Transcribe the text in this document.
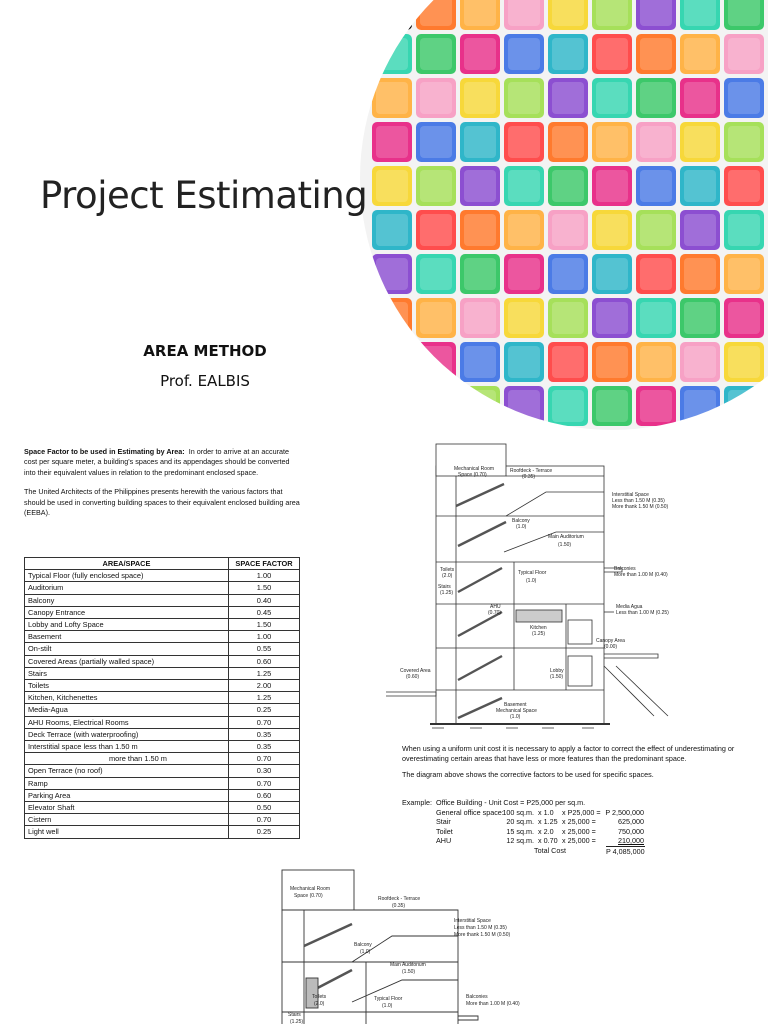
Project Estimating
AREA METHOD
Prof. EALBIS

Space Factor to be used in Estimating by Area: In order to arrive at an accurate cost per square meter, a building's spaces and its appendages should be converted into their equivalent values in relation to the predominant enclosed space.

The United Architects of the Philippines presents herewith the various factors that should be used in converting building spaces to their equivalent enclosed building area (EEBA).

AREA/SPACE	SPACE FACTOR
Typical Floor (fully enclosed space)	1.00
Auditorium	1.50
Balcony	0.40
Canopy Entrance	0.45
Lobby and Lofty Space	1.50
Basement	1.00
On-stilt	0.55
Covered Areas (partially walled space)	0.60
Stairs	1.25
Toilets	2.00
Kitchen, Kitchenettes	1.25
Media-Agua	0.25
AHU Rooms, Electrical Rooms	0.70
Deck Terrace (with waterproofing)	0.35
Interstitial space less than 1.50 m	0.35
more than 1.50 m	0.70
Open Terrace (no roof)	0.30
Ramp	0.70
Parking Area	0.60
Elevator Shaft	0.50
Cistern	0.70
Light well	0.25
Mechanical Room
Space (0.70)
Roofdeck - Terrace
(0.35)
Interstitial Space
Less than 1.50 M (0.35)
More thank 1.50 M (0.50)
Balcony
(1.0)
Main Auditorium
(1.50)
Toilets
(2.0)	Typical Floor
(1.0)
Balconies
More than 1.00 M (0.40)
Stairs
(1.25)
AHU
(0.70)
Kitchen
(1.25)
Media Agua
Less than 1.00 M (0.25)
Canopy Area
(0.00)
Covered Area
(0.60)
Lobby
(1.50)
Basement
Mechanical Space
(1.0)

When using a uniform unit cost it is necessary to apply a factor to correct the effect of underestimating or overestimating certain areas that have less or more features than the predominant space.

The diagram above shows the corrective factors to be used for specific spaces.

Example: Office Building - Unit Cost = P25,000 per sq.m.
General office space:
100 sq.m. x 1.0 x P25,000 = P 2,500,000
Stair	20 sq.m. x 1.25 x 25,000 =	625,000
Toilet	15 sq.m. x 2.0 x 25,000 =	750,000
AHU	12 sq.m. x 0.70 x 25,000 =	210,000
Total Cost	P 4,085,000
Mechanical Room
Space (0.70)	Roofdeck - Terrace
(0.35)
Interstitial Space
Less than 1.50 M (0.35)
More thank 1.50 M (0.50)
Balcony
(1.0)
Main Auditorium
(1.50)
Toilets
(2.0)
Typical Floor
(1.0)
Balconies
More than 1.00 M (0.40)
Stairs
(1.25)
